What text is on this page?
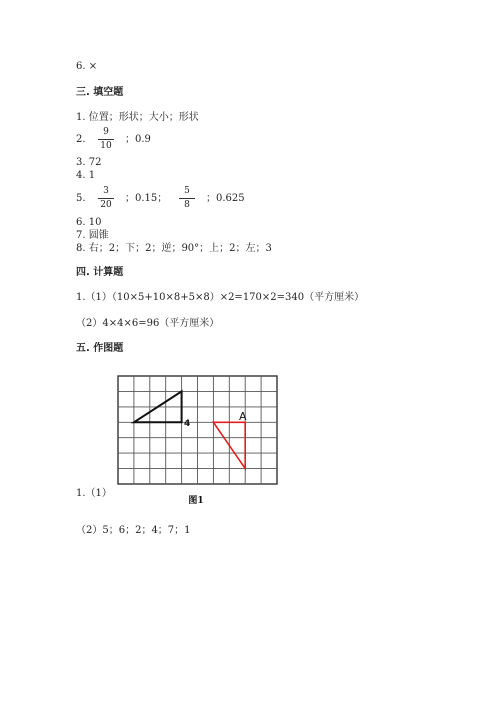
6. ×
三. 填空题
1. 位置；形状；大小；形状
2.
9
10
；0.9
3. 72
4. 1
5.
3
20
；0.15；
5
8
；0.625
6. 10
7. 圆锥
8. 右；2；下；2；逆；90°；上；2；左；3
四. 计算题
1.（1）（10×5+10×8+5×8）×2=170×2=340（平方厘米）
（2）4×4×6=96（平方厘米）
五. 作图题
A
4
图1
1.（1）
（2）5；6；2；4；7；1
